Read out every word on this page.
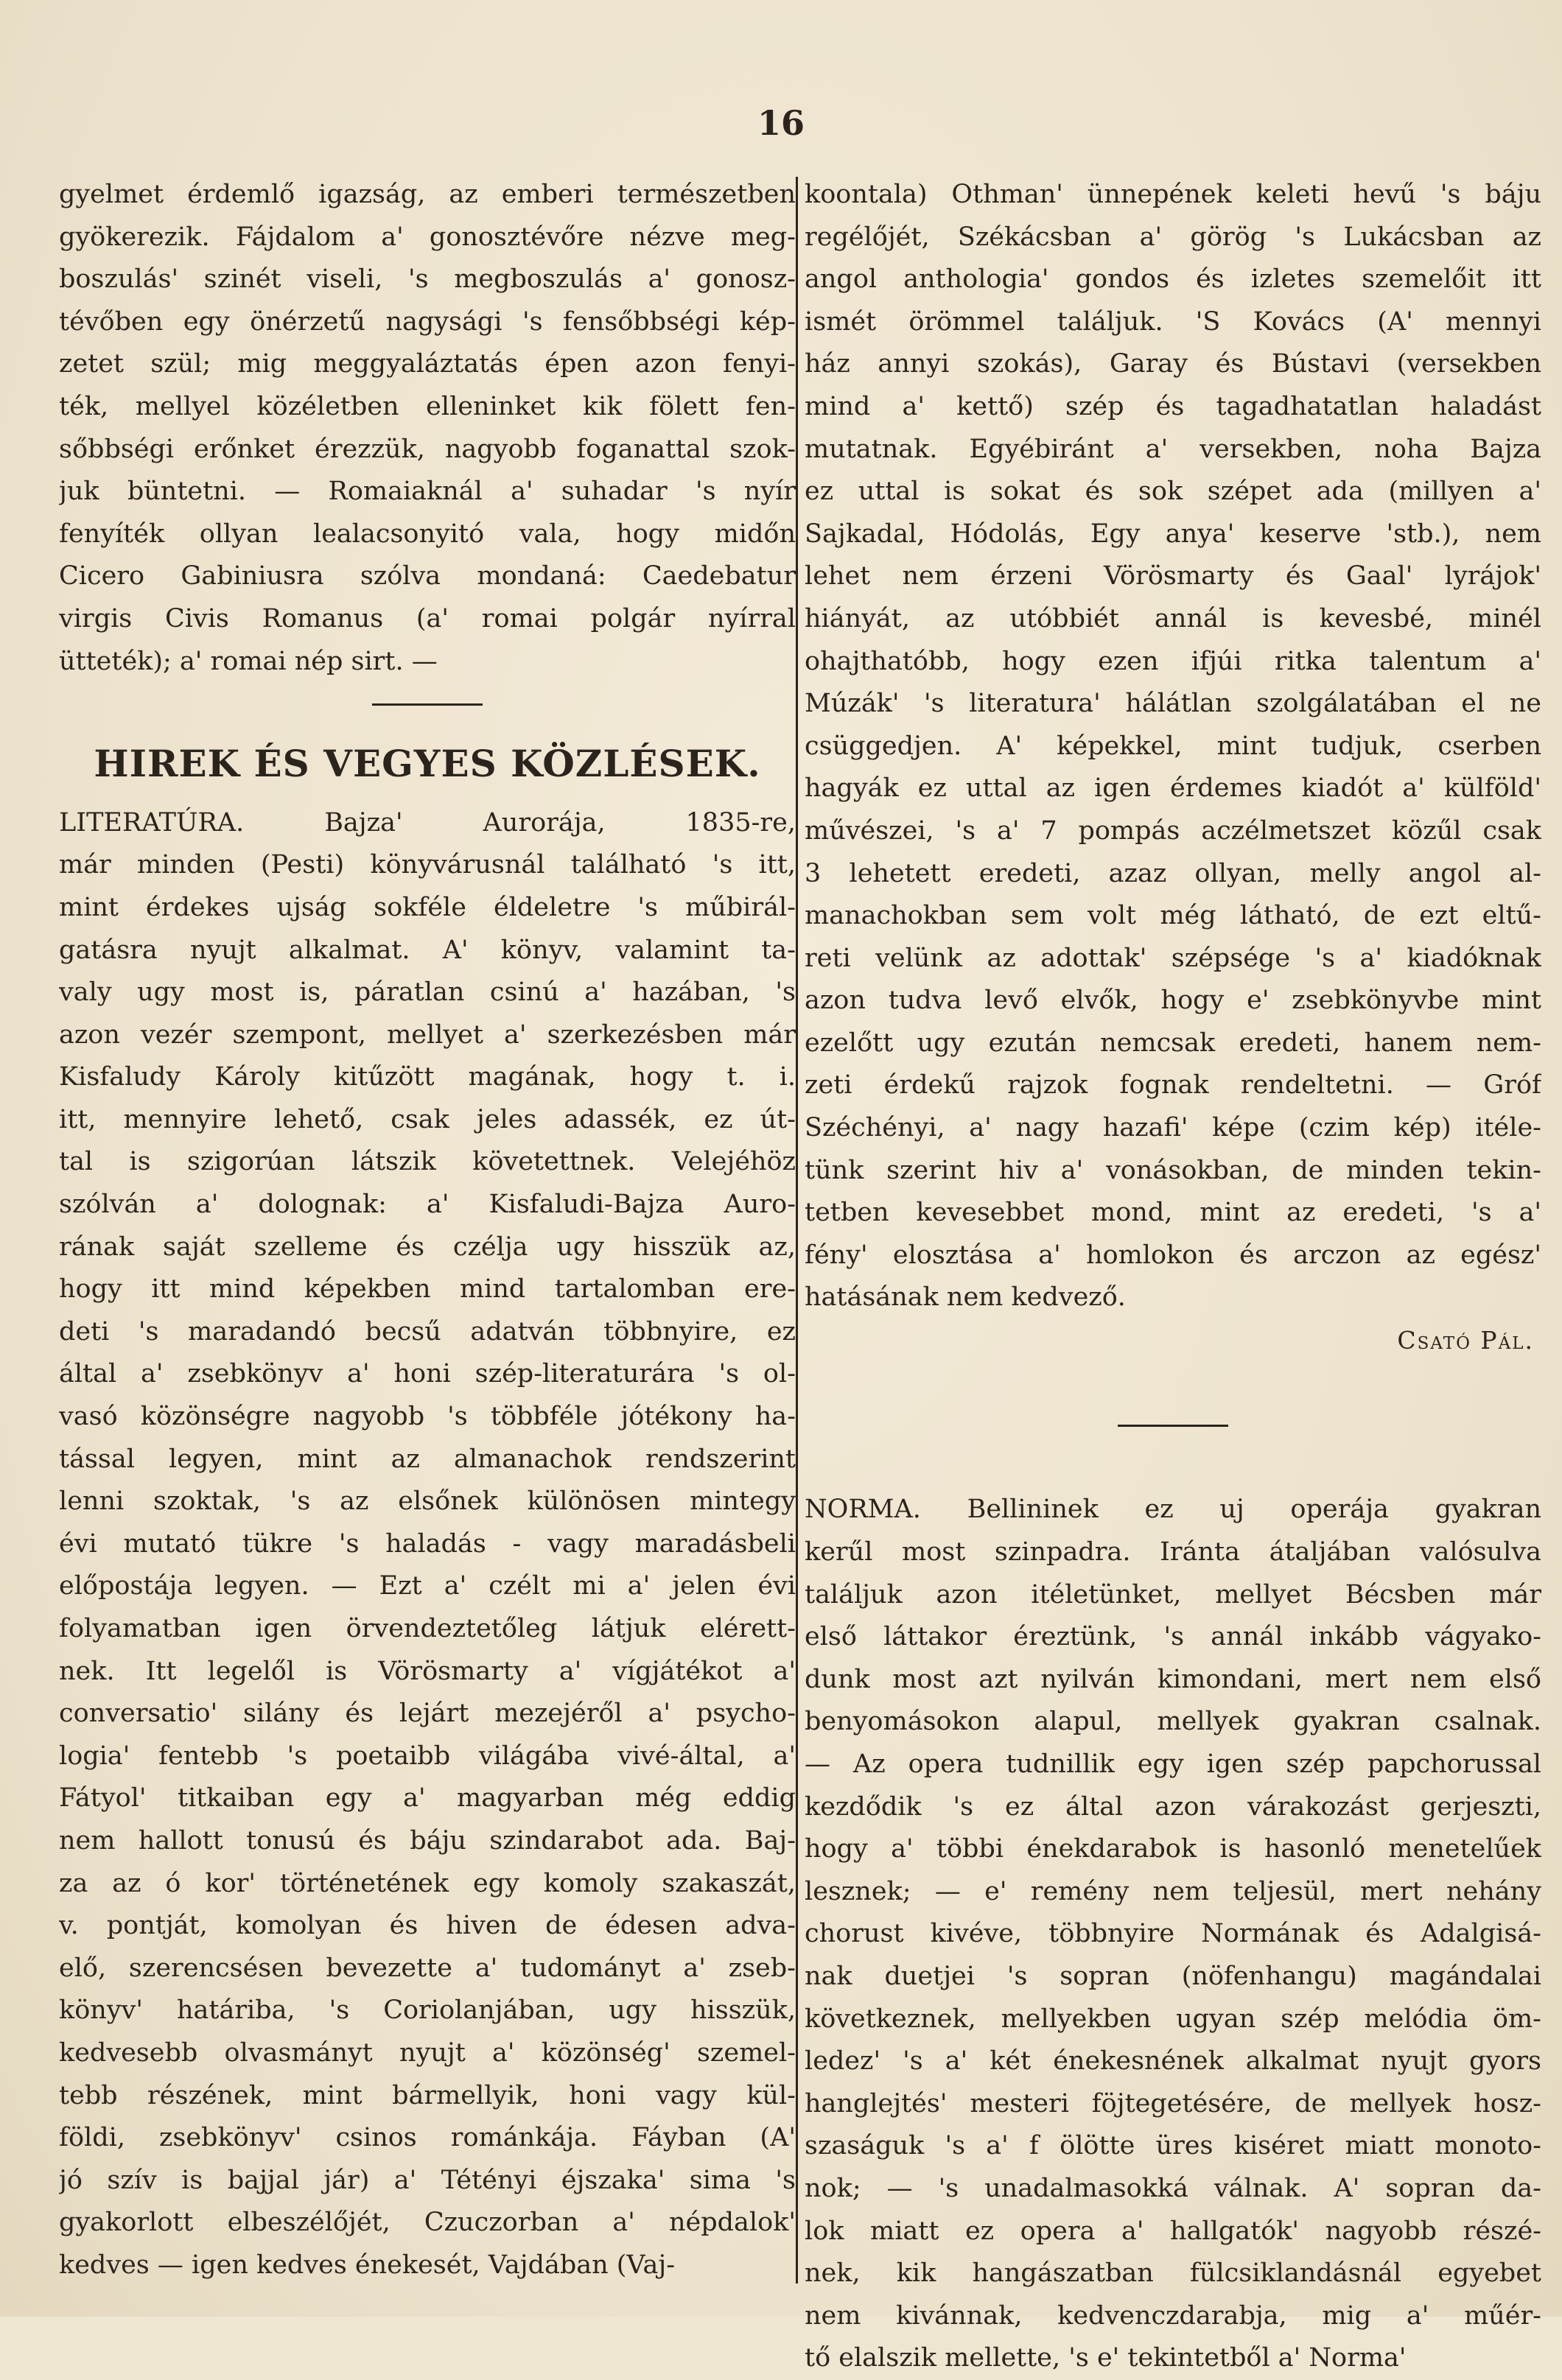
16
gyelmet érdemlő igazság, az emberi természetben
gyökerezik. Fájdalom a' gonosztévőre nézve meg-
boszulás' szinét viseli, 's megboszulás a' gonosz-
tévőben egy önérzetű nagysági 's fensőbbségi kép-
zetet szül; mig meggyaláztatás épen azon fenyi-
ték, mellyel közéletben elleninket kik fölett fen-
sőbbségi erőnket érezzük, nagyobb foganattal szok-
juk büntetni. — Romaiaknál a' suhadar 's nyír
fenyíték ollyan lealacsonyitó vala, hogy midőn
Cicero Gabiniusra szólva mondaná: Caedebatur
virgis Civis Romanus (a' romai polgár nyírral
ütteték); a' romai nép sirt. —
HIREK ÉS VEGYES KÖZLÉSEK.
LITERATÚRA. Bajza' Aurorája, 1835-re,
már minden (Pesti) könyvárusnál található 's itt,
mint érdekes ujság sokféle éldeletre 's műbirál-
gatásra nyujt alkalmat. A' könyv, valamint ta-
valy ugy most is, páratlan csinú a' hazában, 's
azon vezér szempont, mellyet a' szerkezésben már
Kisfaludy Károly kitűzött magának, hogy t. i.
itt, mennyire lehető, csak jeles adassék, ez út-
tal is szigorúan látszik követettnek. Velejéhöz
szólván a' dolognak: a' Kisfaludi-Bajza Auro-
rának saját szelleme és czélja ugy hisszük az,
hogy itt mind képekben mind tartalomban ere-
deti 's maradandó becsű adatván többnyire, ez
által a' zsebkönyv a' honi szép-literaturára 's ol-
vasó közönségre nagyobb 's többféle jótékony ha-
tással legyen, mint az almanachok rendszerint
lenni szoktak, 's az elsőnek különösen mintegy
évi mutató tükre 's haladás - vagy maradásbeli
előpostája legyen. — Ezt a' czélt mi a' jelen évi
folyamatban igen örvendeztetőleg látjuk elérett-
nek. Itt legelől is Vörösmarty a' vígjátékot a'
conversatio' silány és lejárt mezejéről a' psycho-
logia' fentebb 's poetaibb világába vivé-által, a'
Fátyol' titkaiban egy a' magyarban még eddig
nem hallott tonusú és báju szindarabot ada. Baj-
za az ó kor' történetének egy komoly szakaszát,
v. pontját, komolyan és hiven de édesen adva-
elő, szerencsésen bevezette a' tudományt a' zseb-
könyv' határiba, 's Coriolanjában, ugy hisszük,
kedvesebb olvasmányt nyujt a' közönség' szemel-
tebb részének, mint bármellyik, honi vagy kül-
földi, zsebkönyv' csinos románkája. Fáyban (A'
jó szív is bajjal jár) a' Tétényi éjszaka' sima 's
gyakorlott elbeszélőjét, Czuczorban a' népdalok'
kedves — igen kedves énekesét, Vajdában (Vaj-
koontala) Othman' ünnepének keleti hevű 's báju
regélőjét, Székácsban a' görög 's Lukácsban az
angol anthologia' gondos és izletes szemelőit itt
ismét örömmel találjuk. 'S Kovács (A' mennyi
ház annyi szokás), Garay és Bústavi (versekben
mind a' kettő) szép és tagadhatatlan haladást
mutatnak. Egyébiránt a' versekben, noha Bajza
ez uttal is sokat és sok szépet ada (millyen a'
Sajkadal, Hódolás, Egy anya' keserve 'stb.), nem
lehet nem érzeni Vörösmarty és Gaal' lyrájok'
hiányát, az utóbbiét annál is kevesbé, minél
ohajthatóbb, hogy ezen ifjúi ritka talentum a'
Múzák' 's literatura' hálátlan szolgálatában el ne
csüggedjen. A' képekkel, mint tudjuk, cserben
hagyák ez uttal az igen érdemes kiadót a' külföld'
művészei, 's a' 7 pompás aczélmetszet közűl csak
3 lehetett eredeti, azaz ollyan, melly angol al-
manachokban sem volt még látható, de ezt eltű-
reti velünk az adottak' szépsége 's a' kiadóknak
azon tudva levő elvők, hogy e' zsebkönyvbe mint
ezelőtt ugy ezután nemcsak eredeti, hanem nem-
zeti érdekű rajzok fognak rendeltetni. — Gróf
Széchényi, a' nagy hazafi' képe (czim kép) itéle-
tünk szerint hiv a' vonásokban, de minden tekin-
tetben kevesebbet mond, mint az eredeti, 's a'
fény' elosztása a' homlokon és arczon az egész'
hatásának nem kedvező.
Csató Pál.
NORMA. Bellininek ez uj operája gyakran
kerűl most szinpadra. Iránta átaljában valósulva
találjuk azon itéletünket, mellyet Bécsben már
első láttakor éreztünk, 's annál inkább vágyako-
dunk most azt nyilván kimondani, mert nem első
benyomásokon alapul, mellyek gyakran csalnak.
— Az opera tudnillik egy igen szép papchorussal
kezdődik 's ez által azon várakozást gerjeszti,
hogy a' többi énekdarabok is hasonló menetelűek
lesznek; — e' remény nem teljesül, mert nehány
chorust kivéve, többnyire Normának és Adalgisá-
nak duetjei 's sopran (nöfenhangu) magándalai
következnek, mellyekben ugyan szép melódia öm-
ledez' 's a' két énekesnének alkalmat nyujt gyors
hanglejtés' mesteri föjtegetésére, de mellyek hosz-
szaságuk 's a' f ölötte üres kiséret miatt monoto-
nok; — 's unadalmasokká válnak. A' sopran da-
lok miatt ez opera a' hallgatók' nagyobb részé-
nek, kik hangászatban fülcsiklandásnál egyebet
nem kivánnak, kedvenczdarabja, mig a' műér-
tő elalszik mellette, 's e' tekintetből a' Norma'
